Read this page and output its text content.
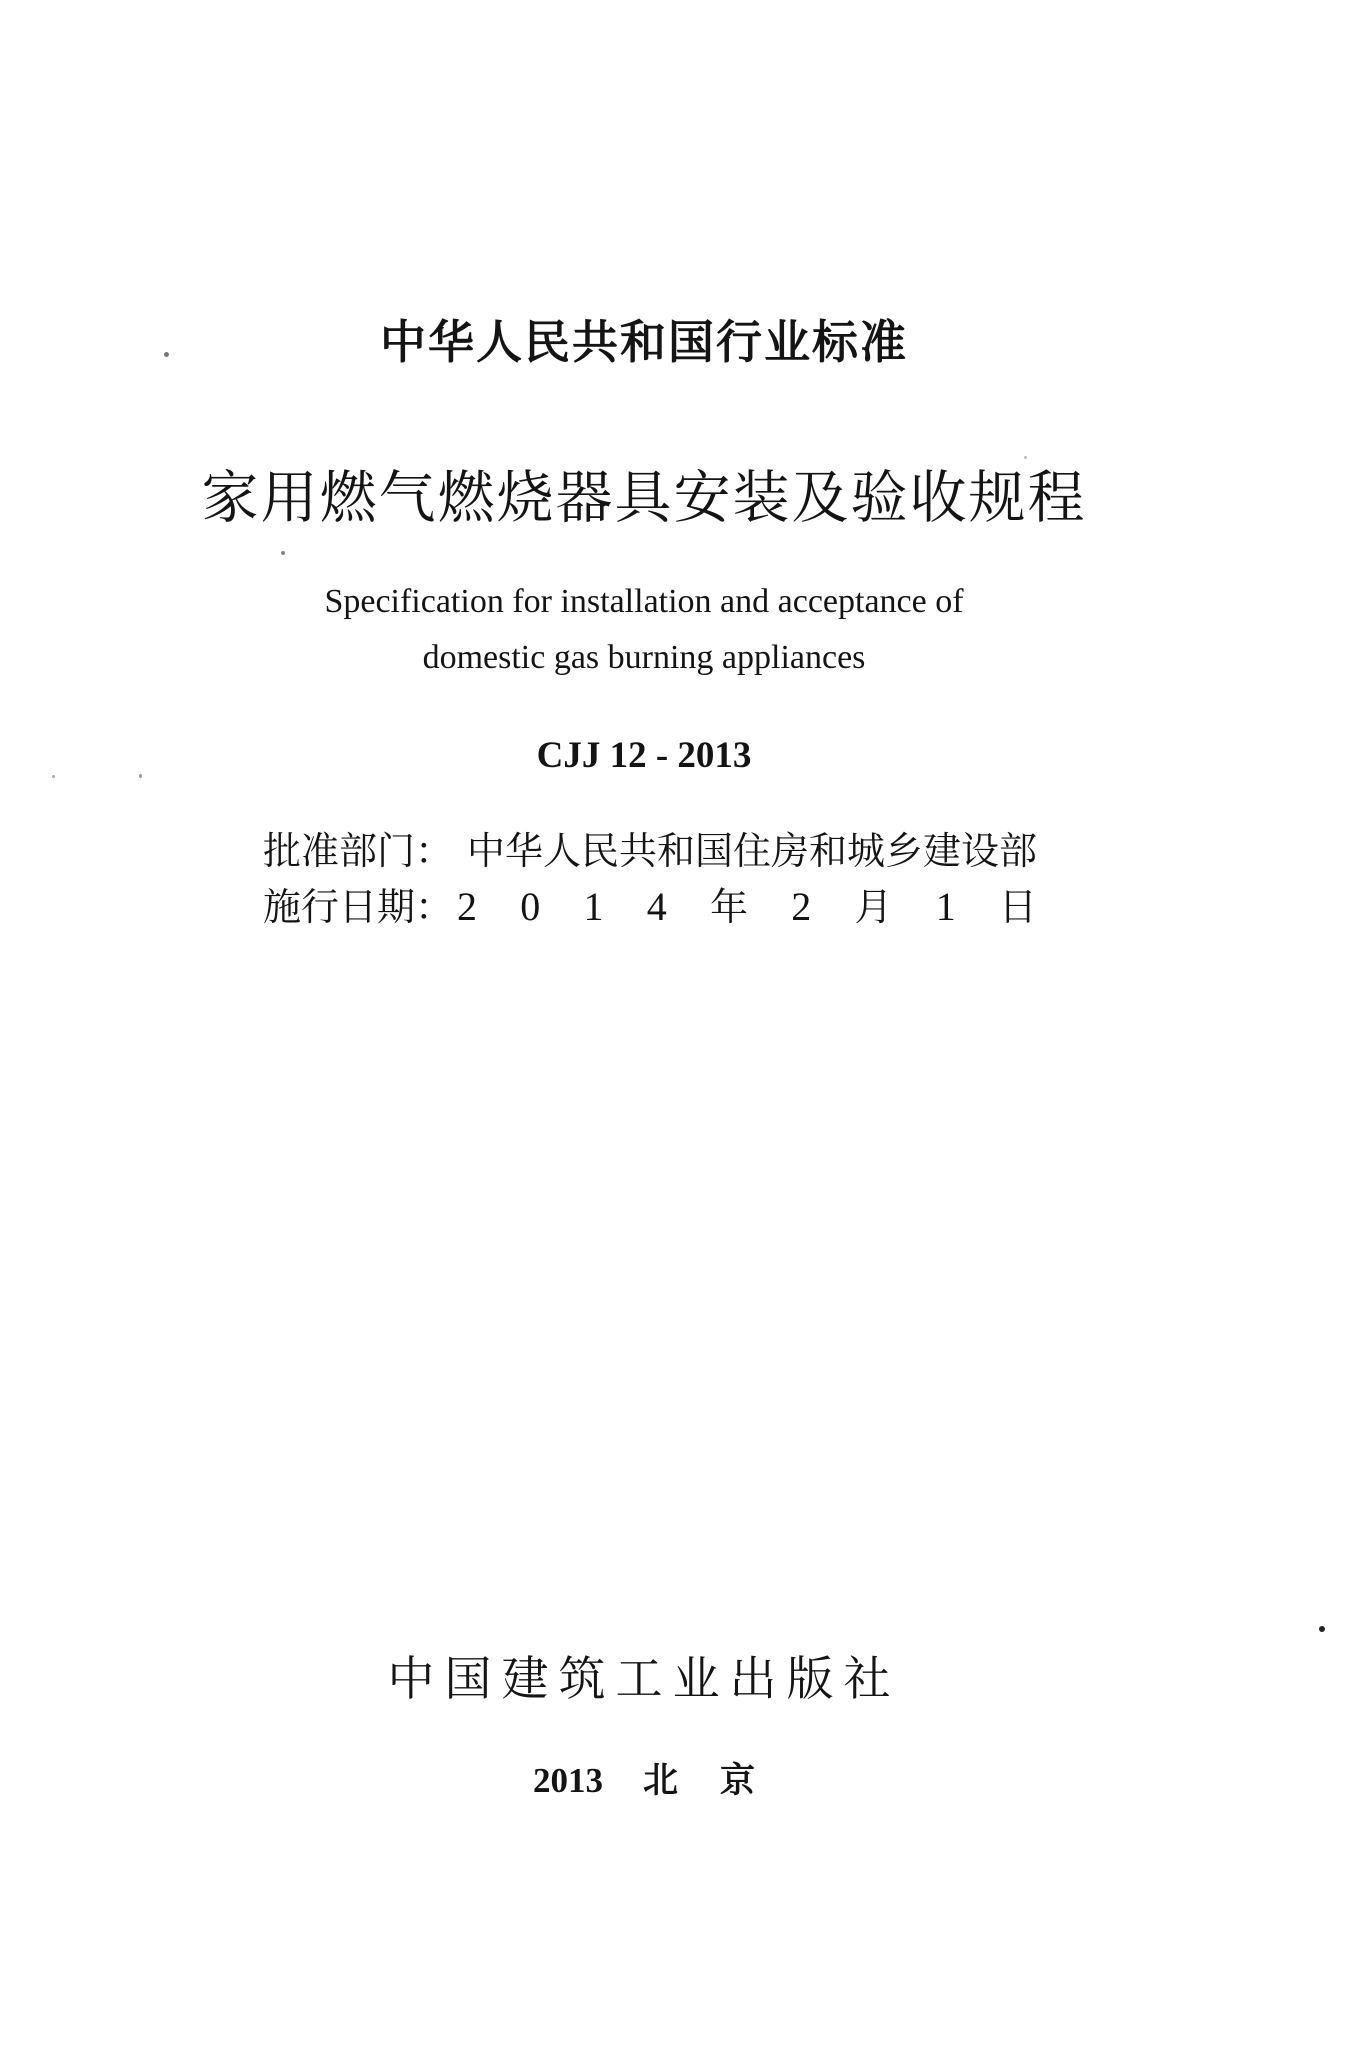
中华人民共和国行业标准
家用燃气燃烧器具安装及验收规程
Specification for installation and acceptance of
domestic gas burning appliances
CJJ 12 - 2013
批准部门： 中华人民共和国住房和城乡建设部
施行日期： 2 0 1 4 年 2 月 1 日
中国建筑工业出版社
2013 北 京
